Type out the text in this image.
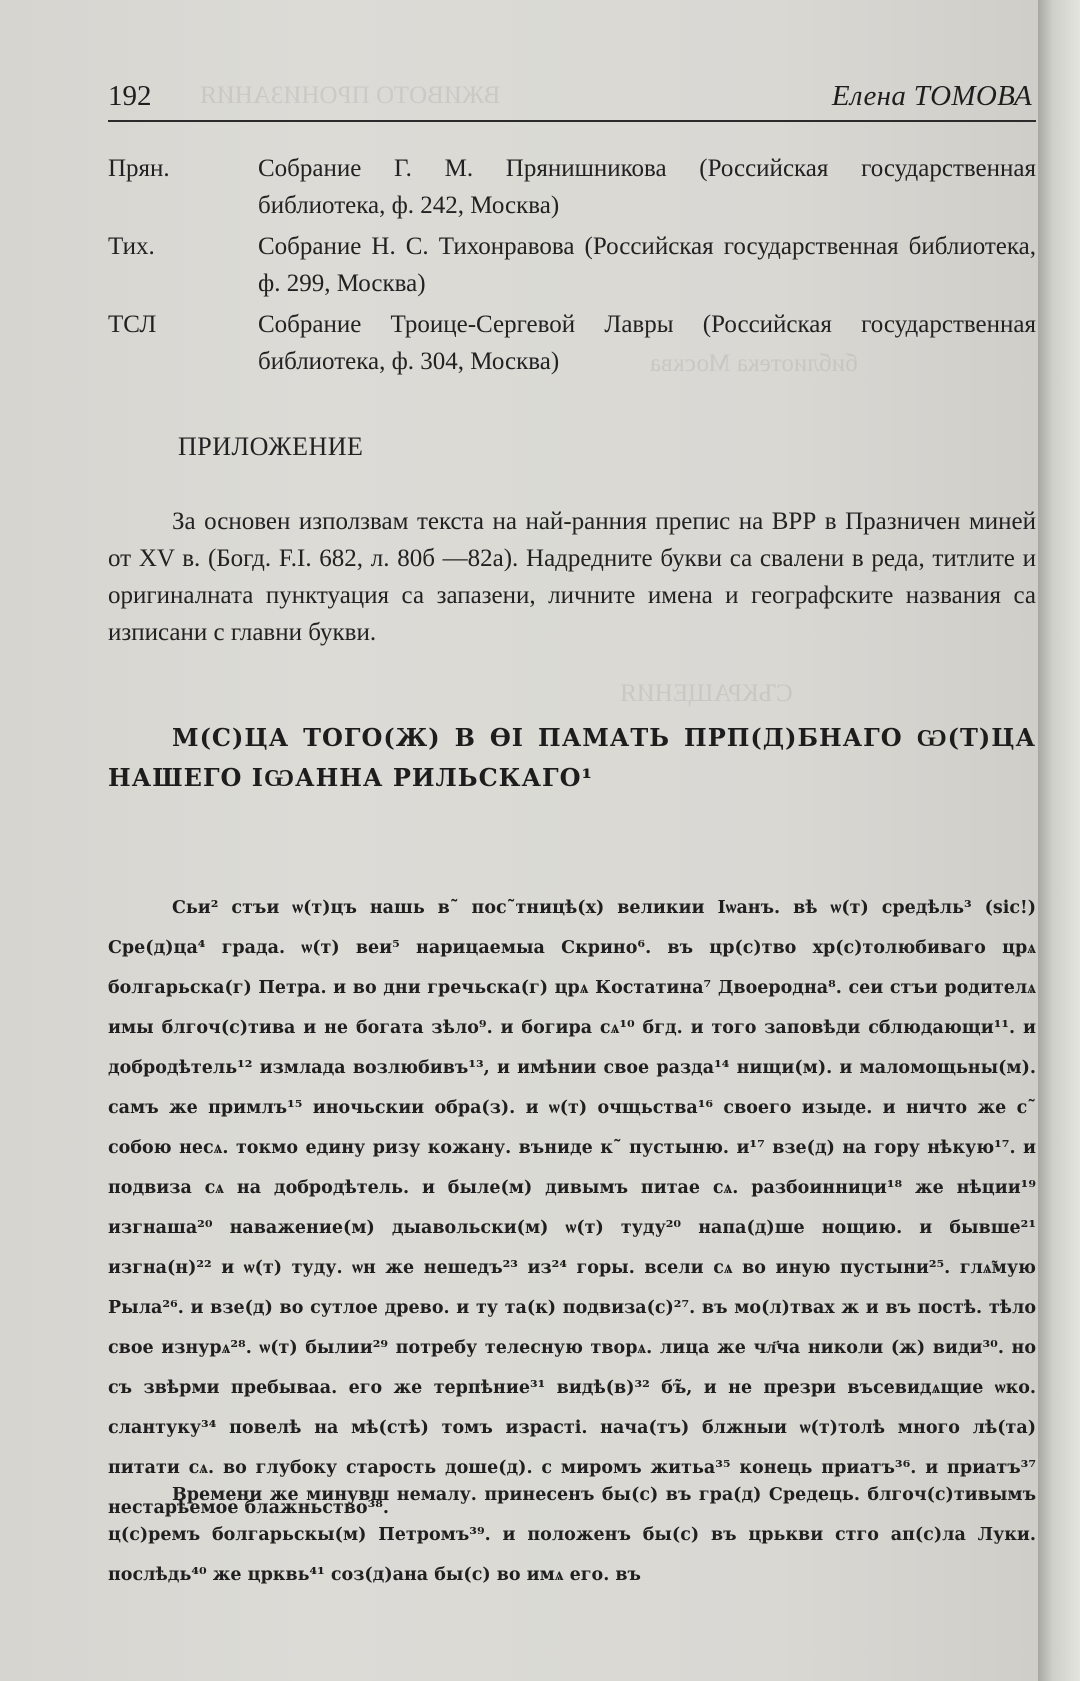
ВЖИВОТО ПРОНИЗАНИЯ
библиотека Москва
СЪКРАЩЕНИЯ
192	Елена ТОМОВА
Прян.	Собрание Г. М. Прянишникова (Российская государственная библиотека, ф. 242, Москва)
Тих.	Собрание Н. С. Тихонравова (Российская государственная библиотека, ф. 299, Москва)
ТСЛ	Собрание Троице-Сергевой Лавры (Российская государственная библиотека, ф. 304, Москва)
ПРИЛОЖЕНИЕ

За основен използвам текста на най-ранния препис на ВРР в Празничен миней от XV в. (Богд. F.I. 682, л. 80б —82а). Надредните букви са свалени в реда, титлите и оригиналната пунктуация са запазени, личните имена и географските названия са изписани с главни букви.

М(С)ЦА ТОГО(Ж) В ӨІ ПАМАТЬ ПРП(Д)БНАГО Ѡ(Т)ЦА НАШЕГО ІѠАННА РИЛЬСКАГО¹

Сьи² стъи ѡ(т)цъ нашь в˜ пос˜тницѣ(х) великии Іѡанъ. вѣ ѡ(т) средѣль³ (sic!) Сре(д)ца⁴ града. ѡ(т) веи⁵ нарицаемыа Скрино⁶. въ цр(с)тво хр(с)толюбиваго црѧ болгарьска(г) Петра. и во дни гречьска(г) црѧ Костатина⁷ Двоеродна⁸. сеи стъи родителѧ имы блгоч(с)тива и не богата зѣло⁹. и богира сѧ¹⁰ бгд. и того заповѣди сблюдающи¹¹. и добродѣтель¹² измлада возлюбивъ¹³, и имѣнии свое разда¹⁴ нищи(м). и маломощьны(м). самъ же примлъ¹⁵ иночьскии обра(з). и ѡ(т) очщьства¹⁶ своего изыде. и ничто же с˜ собою несѧ. токмо едину ризу кожану. въниде к˜ пустыню. и¹⁷ взе(д) на гору нѣкую¹⁷. и подвиза сѧ на добродѣтель. и быле(м) дивымъ питае сѧ. разбоинници¹⁸ же нѣции¹⁹ изгнаша²⁰ наважение(м) дыавольски(м) ѡ(т) туду²⁰ напа(д)ше нощию. и бывше²¹ изгна(н)²² и ѡ(т) туду. ѡн же нешедъ²³ из²⁴ горы. всели сѧ во иную пустыни²⁵. глѧ̃мую Рыла²⁶. и взе(д) во сутлое древо. и ту та(к) подвиза(с)²⁷. въ мо(л)твах ж и въ постѣ. тѣло свое изнурѧ²⁸. ѡ(т) былии²⁹ потребу телесную творѧ. лица же чл҃ча николи (ж) види³⁰. но съ звѣрми пребываа. его же терпѣние³¹ видѣ(в)³² бъ̃, и не презри въсевидѧщие ѡко. слантуку³⁴ повелѣ на мѣ(стѣ) томъ израсті. нача(тъ) блжныи ѡ(т)толѣ много лѣ(та) питати сѧ. во глубоку старость доше(д). с миромъ житьа³⁵ конець приатъ³⁶. и приатъ³⁷ нестарѣемое блажньство³⁸.

Времени же минувш немалу. принесенъ бы(с) въ гра(д) Средець. блгоч(с)тивымъ ц(с)ремъ болгарьскы(м) Петромъ³⁹. и положенъ бы(с) въ црькви стго ап(с)ла Луки. послѣдь⁴⁰ же црквь⁴¹ соз(д)ана бы(с) во имѧ его. въ
